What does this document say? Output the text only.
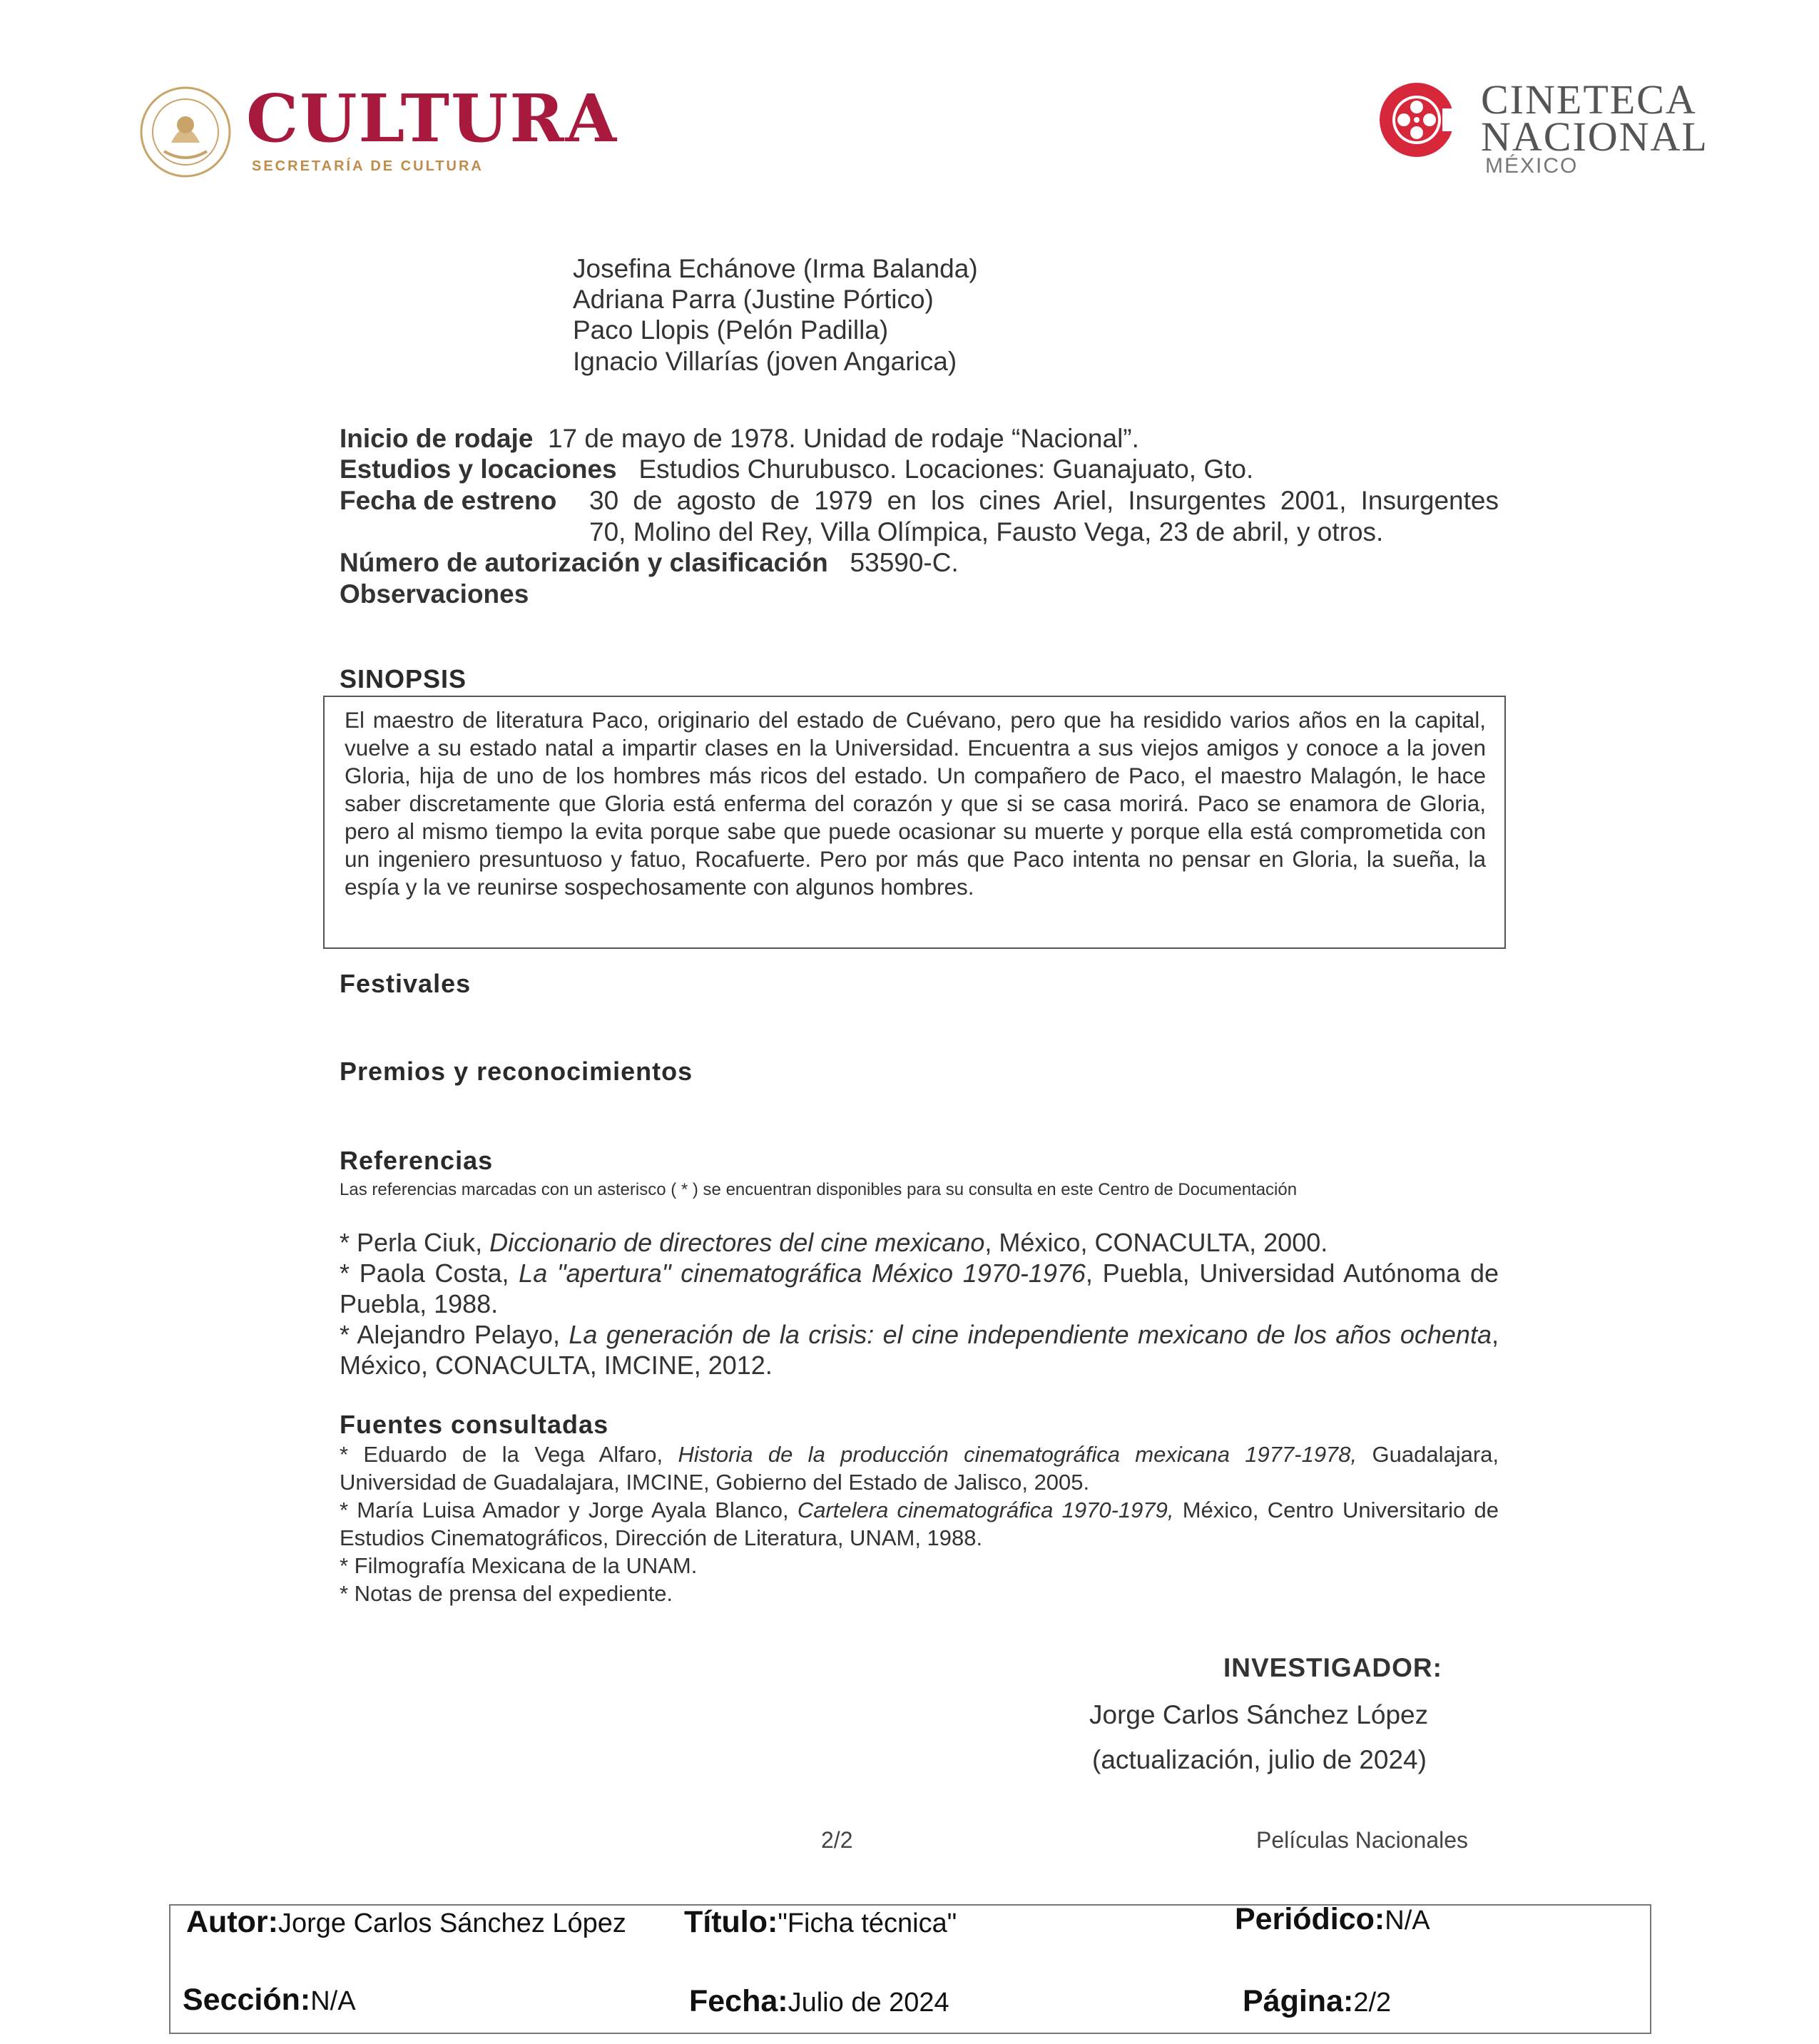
CULTURA
SECRETARÍA DE CULTURA
CINETECA
NACIONAL
MÉXICO
Josefina Echánove (Irma Balanda)
Adriana Parra (Justine Pórtico)
Paco Llopis (Pelón Padilla)
Ignacio Villarías (joven Angarica)
Inicio de rodaje 17 de mayo de 1978. Unidad de rodaje “Nacional”.
Estudios y locaciones Estudios Churubusco. Locaciones: Guanajuato, Gto.
Fecha de estreno 30 de agosto de 1979 en los cines Ariel, Insurgentes 2001, Insurgentes
70, Molino del Rey, Villa Olímpica, Fausto Vega, 23 de abril, y otros.
Número de autorización y clasificación 53590-C.
Observaciones
SINOPSIS
El maestro de literatura Paco, originario del estado de Cuévano, pero que ha residido varios años en la capital, vuelve a su estado natal a impartir clases en la Universidad. Encuentra a sus viejos amigos y conoce a la joven Gloria, hija de uno de los hombres más ricos del estado. Un compañero de Paco, el maestro Malagón, le hace saber discretamente que Gloria está enferma del corazón y que si se casa morirá. Paco se enamora de Gloria, pero al mismo tiempo la evita porque sabe que puede ocasionar su muerte y porque ella está comprometida con un ingeniero presuntuoso y fatuo, Rocafuerte. Pero por más que Paco intenta no pensar en Gloria, la sueña, la espía y la ve reunirse sospechosamente con algunos hombres.
Festivales
Premios y reconocimientos
Referencias
Las referencias marcadas con un asterisco ( * ) se encuentran disponibles para su consulta en este Centro de Documentación
* Perla Ciuk, Diccionario de directores del cine mexicano, México, CONACULTA, 2000.
* Paola Costa, La "apertura" cinematográfica México 1970-1976, Puebla, Universidad Autónoma de Puebla, 1988.
* Alejandro Pelayo, La generación de la crisis: el cine independiente mexicano de los años ochenta, México, CONACULTA, IMCINE, 2012.
Fuentes consultadas
* Eduardo de la Vega Alfaro, Historia de la producción cinematográfica mexicana 1977-1978, Guadalajara, Universidad de Guadalajara, IMCINE, Gobierno del Estado de Jalisco, 2005.
* María Luisa Amador y Jorge Ayala Blanco, Cartelera cinematográfica 1970-1979, México, Centro Universitario de Estudios Cinematográficos, Dirección de Literatura, UNAM, 1988.
* Filmografía Mexicana de la UNAM.
* Notas de prensa del expediente.
INVESTIGADOR:
Jorge Carlos Sánchez López
(actualización, julio de 2024)
2/2	Películas Nacionales
Autor:Jorge Carlos Sánchez López Título:"Ficha técnica"	Periódico:N/A
Sección:N/A	Fecha:Julio de 2024	Página:2/2
